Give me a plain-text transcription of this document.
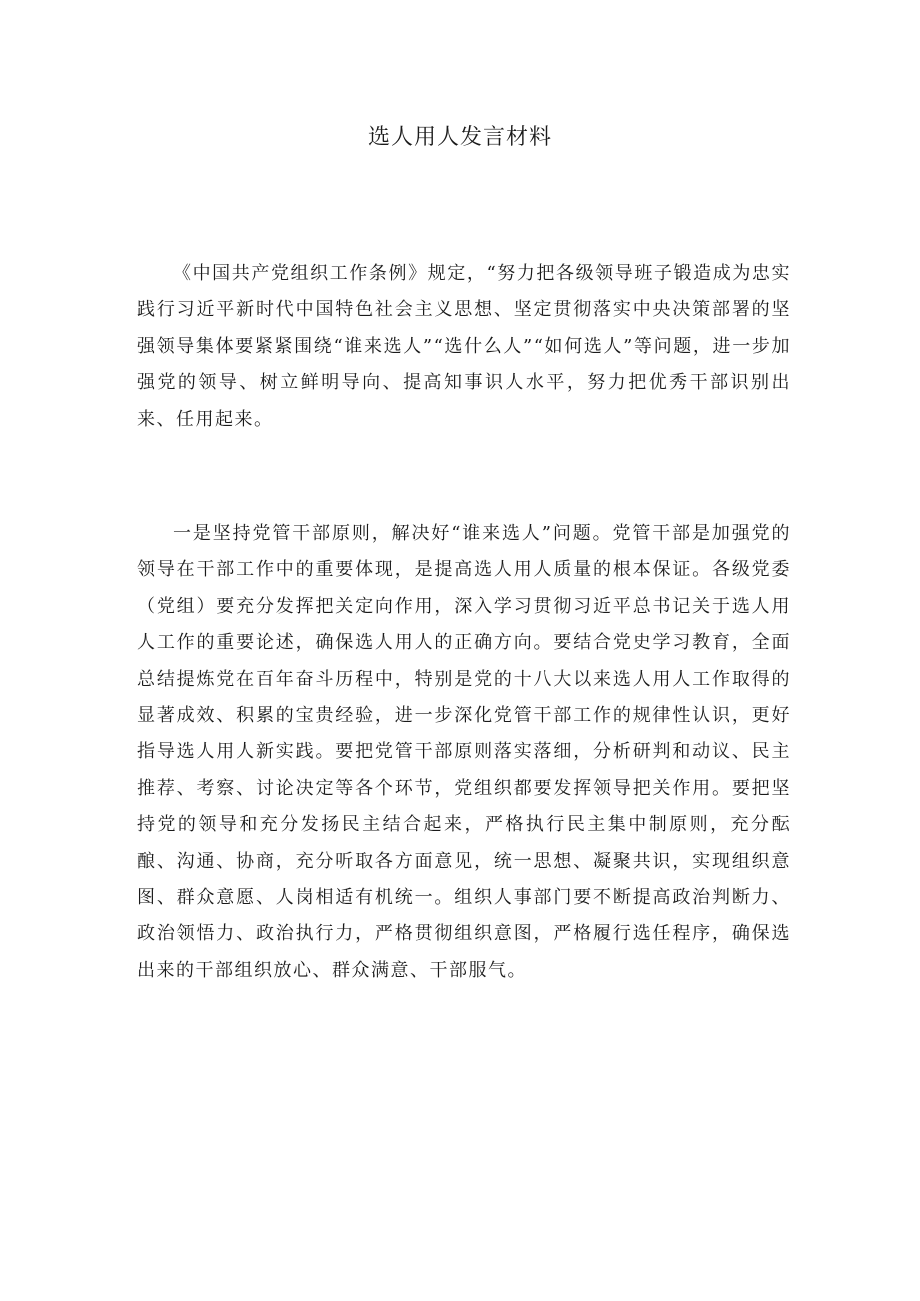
选人用人发言材料

《中国共产党组织工作条例》规定，“努力把各级领导班子锻造成为忠实践行习近平新时代中国特色社会主义思想、坚定贯彻落实中央决策部署的坚强领导集体要紧紧围绕“谁来选人”“选什么人”“如何选人”等问题，进一步加强党的领导、树立鲜明导向、提高知事识人水平，努力把优秀干部识别出来、任用起来。

一是坚持党管干部原则，解决好“谁来选人”问题。党管干部是加强党的领导在干部工作中的重要体现，是提高选人用人质量的根本保证。各级党委（党组）要充分发挥把关定向作用，深入学习贯彻习近平总书记关于选人用人工作的重要论述，确保选人用人的正确方向。要结合党史学习教育，全面总结提炼党在百年奋斗历程中，特别是党的十八大以来选人用人工作取得的显著成效、积累的宝贵经验，进一步深化党管干部工作的规律性认识，更好指导选人用人新实践。要把党管干部原则落实落细，分析研判和动议、民主推荐、考察、讨论决定等各个环节，党组织都要发挥领导把关作用。要把坚持党的领导和充分发扬民主结合起来，严格执行民主集中制原则，充分酝酿、沟通、协商，充分听取各方面意见，统一思想、凝聚共识，实现组织意图、群众意愿、人岗相适有机统一。组织人事部门要不断提高政治判断力、政治领悟力、政治执行力，严格贯彻组织意图，严格履行选任程序，确保选出来的干部组织放心、群众满意、干部服气。
